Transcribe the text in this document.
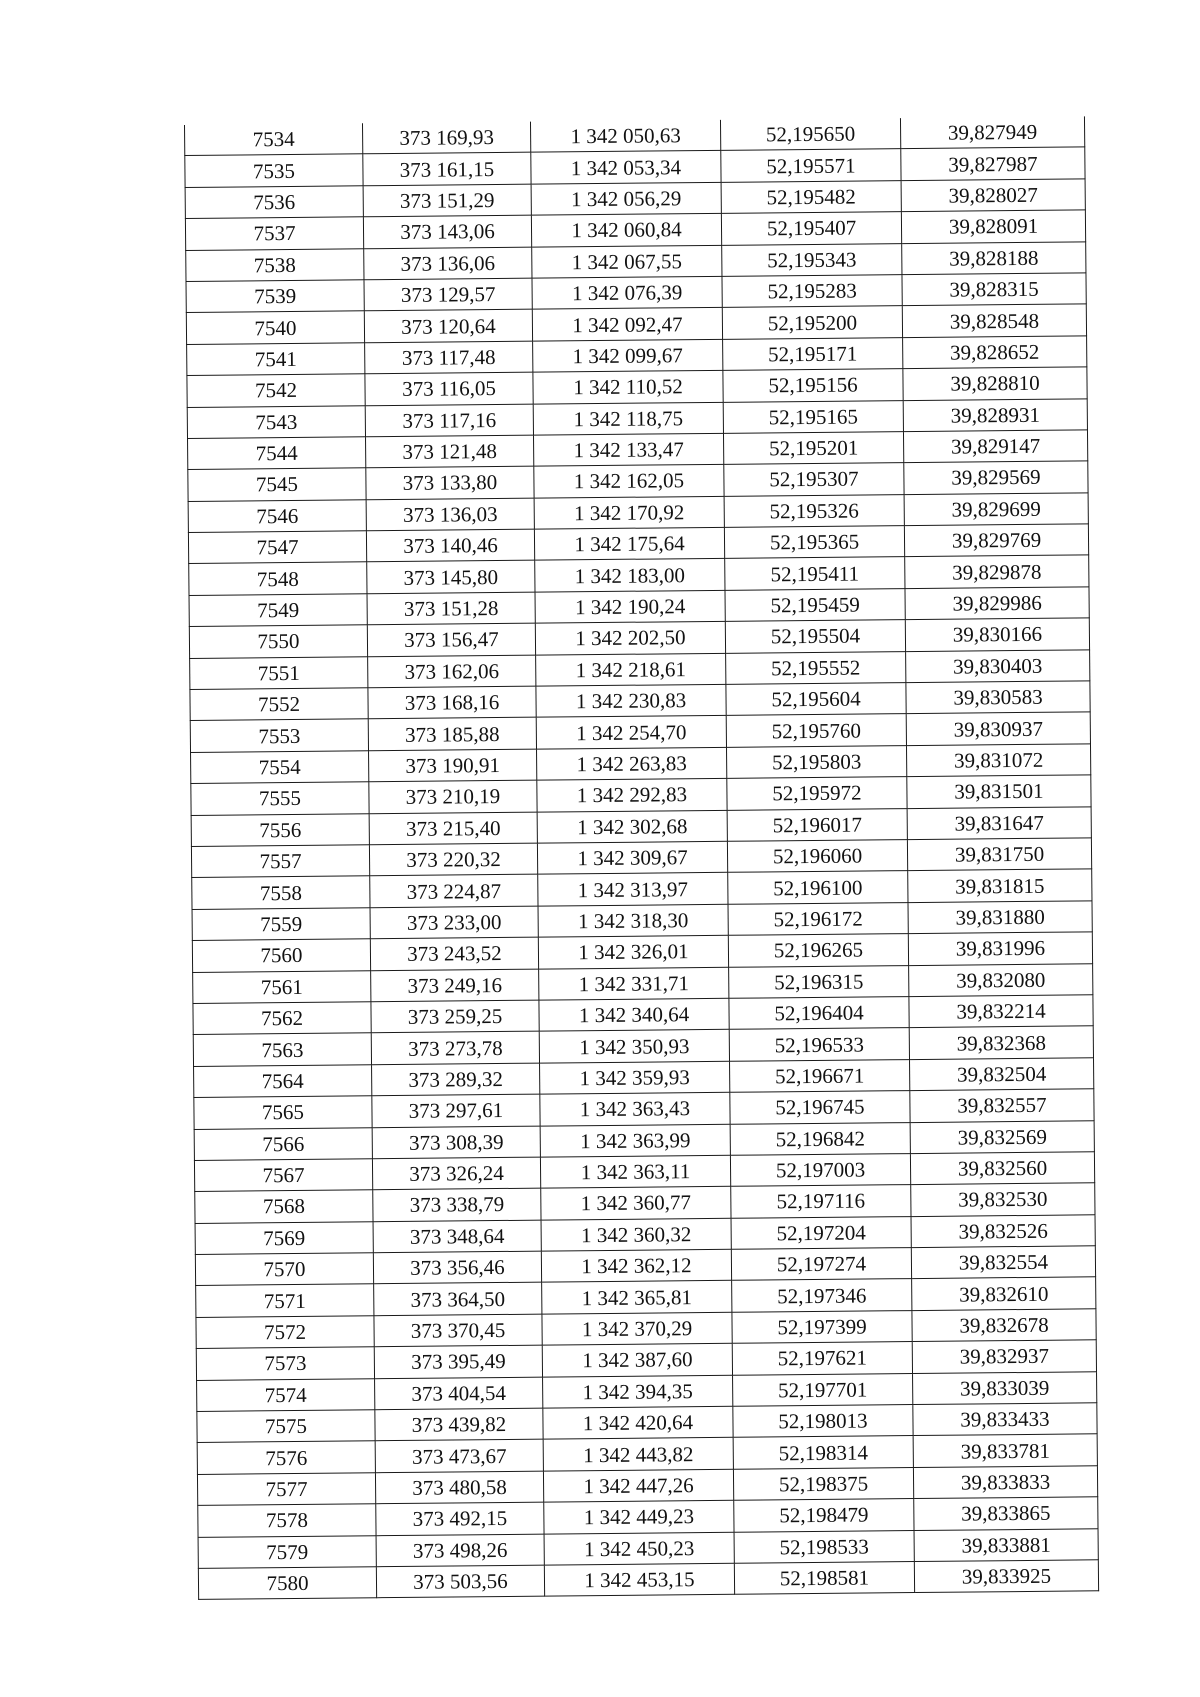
7534	373 169,93	1 342 050,63	52,195650	39,827949
7535	373 161,15	1 342 053,34	52,195571	39,827987
7536	373 151,29	1 342 056,29	52,195482	39,828027
7537	373 143,06	1 342 060,84	52,195407	39,828091
7538	373 136,06	1 342 067,55	52,195343	39,828188
7539	373 129,57	1 342 076,39	52,195283	39,828315
7540	373 120,64	1 342 092,47	52,195200	39,828548
7541	373 117,48	1 342 099,67	52,195171	39,828652
7542	373 116,05	1 342 110,52	52,195156	39,828810
7543	373 117,16	1 342 118,75	52,195165	39,828931
7544	373 121,48	1 342 133,47	52,195201	39,829147
7545	373 133,80	1 342 162,05	52,195307	39,829569
7546	373 136,03	1 342 170,92	52,195326	39,829699
7547	373 140,46	1 342 175,64	52,195365	39,829769
7548	373 145,80	1 342 183,00	52,195411	39,829878
7549	373 151,28	1 342 190,24	52,195459	39,829986
7550	373 156,47	1 342 202,50	52,195504	39,830166
7551	373 162,06	1 342 218,61	52,195552	39,830403
7552	373 168,16	1 342 230,83	52,195604	39,830583
7553	373 185,88	1 342 254,70	52,195760	39,830937
7554	373 190,91	1 342 263,83	52,195803	39,831072
7555	373 210,19	1 342 292,83	52,195972	39,831501
7556	373 215,40	1 342 302,68	52,196017	39,831647
7557	373 220,32	1 342 309,67	52,196060	39,831750
7558	373 224,87	1 342 313,97	52,196100	39,831815
7559	373 233,00	1 342 318,30	52,196172	39,831880
7560	373 243,52	1 342 326,01	52,196265	39,831996
7561	373 249,16	1 342 331,71	52,196315	39,832080
7562	373 259,25	1 342 340,64	52,196404	39,832214
7563	373 273,78	1 342 350,93	52,196533	39,832368
7564	373 289,32	1 342 359,93	52,196671	39,832504
7565	373 297,61	1 342 363,43	52,196745	39,832557
7566	373 308,39	1 342 363,99	52,196842	39,832569
7567	373 326,24	1 342 363,11	52,197003	39,832560
7568	373 338,79	1 342 360,77	52,197116	39,832530
7569	373 348,64	1 342 360,32	52,197204	39,832526
7570	373 356,46	1 342 362,12	52,197274	39,832554
7571	373 364,50	1 342 365,81	52,197346	39,832610
7572	373 370,45	1 342 370,29	52,197399	39,832678
7573	373 395,49	1 342 387,60	52,197621	39,832937
7574	373 404,54	1 342 394,35	52,197701	39,833039
7575	373 439,82	1 342 420,64	52,198013	39,833433
7576	373 473,67	1 342 443,82	52,198314	39,833781
7577	373 480,58	1 342 447,26	52,198375	39,833833
7578	373 492,15	1 342 449,23	52,198479	39,833865
7579	373 498,26	1 342 450,23	52,198533	39,833881
7580	373 503,56	1 342 453,15	52,198581	39,833925
